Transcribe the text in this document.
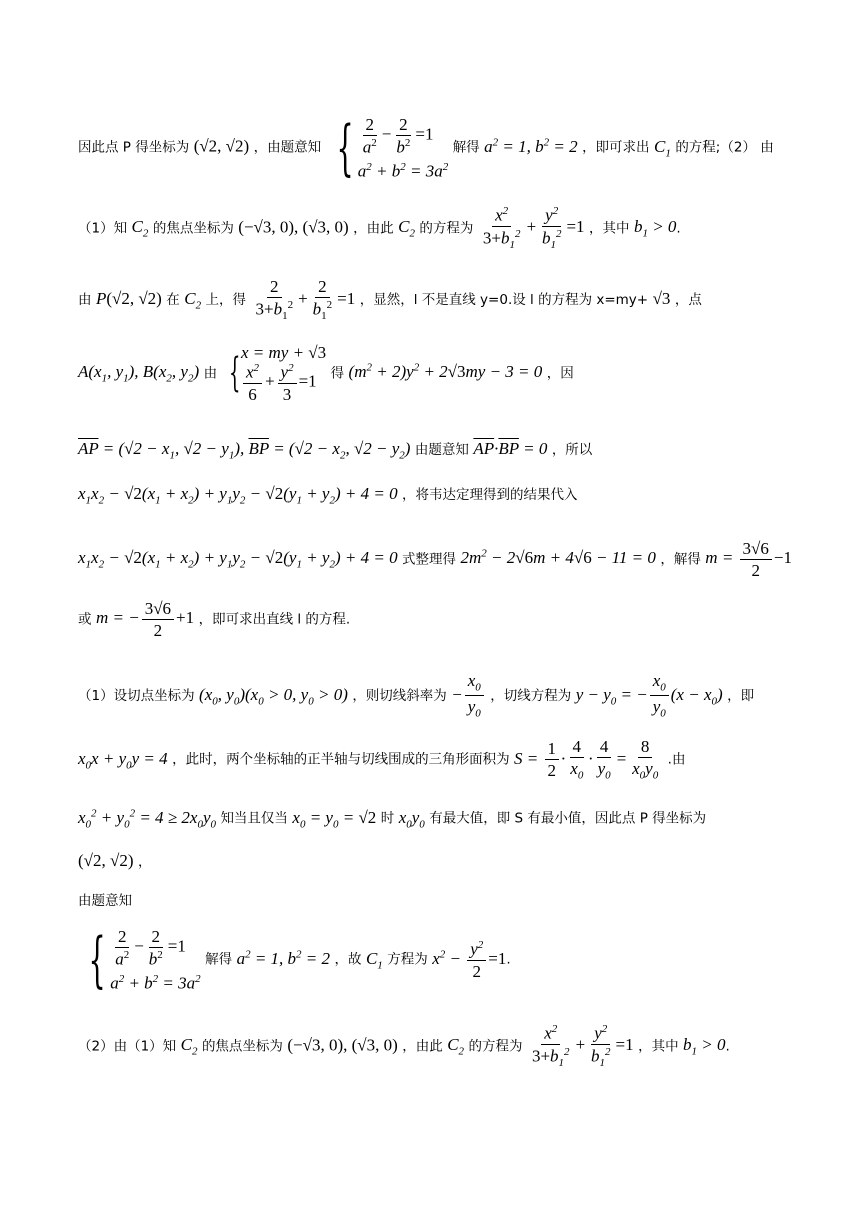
因此点 P 得坐标为 (√2, √2) ，由题意知 { $\frac{2}{a^2} - \frac{2}{b^2} =1$
$a^2 + b^2 = 3a^2$
解得 $a^2 = 1$, $b^2 = 2$ ，即可求出 $C_1$ 的方程;（2） 由
（1）知 $C_2$ 的焦点坐标为 (−√3, 0), (√3, 0) ，由此 $C_2$ 的方程为 $\frac{x^2}{3+b_1^2} + \frac{y^2}{b_1^2} =1$ ，其中 $b_1 > 0$.
由 P(√2, √2) 在 $C_2$ 上，得 $\frac{2}{3+b_1^2} + \frac{2}{b_1^2} =1$ ，显然，l 不是直线 y=0.设 l 的方程为 x=my+ √3 ，点
$A(x_1$, $y_1$), $B(x_2$, $y_2$) 由 { x = my + √3
$\frac{x^2}{6} + \frac{y^2}{3} =1$	得 $(m^2 + 2)y^2 + 2√3my - 3 = 0$ ，因
$\overline{AP} = (√2 - x_1$, $√2 - y_1$), $\overline{BP} = (√2 - x_2$, $√2 - y_2$) 由题意知 $\overline{AP}\cdot\overline{BP} = 0$ ，所以
$x_1x_2 - √2(x_1 + x_2) + y_1y_2 - √2(y_1 + y_2) + 4 = 0$ ，将韦达定理得到的结果代入
$x_1x_2 - √2(x_1 + x_2) + y_1y_2 - √2(y_1 + y_2) + 4 = 0$ 式整理得 $2m^2 - 2√6m + 4√6 - 11 = 0$ ，解得 $m = \frac{3√6}{2} -1$
或 m = − $\frac{3√6}{2} +1$ ，即可求出直线 l 的方程.
（1）设切点坐标为 ($x_0$, $y_0)(x_0 > 0$, $y_0 > 0$) ，则切线斜率为 − $\frac{x_0}{y_0}$ ，切线方程为 $y - y_0$ = − $\frac{x_0}{y_0} (x - x_0)$ ，即
$x_0x + y_0y = 4$ ，此时，两个坐标轴的正半轴与切线围成的三角形面积为 $S = \frac{1}{2} \cdot \frac{4}{x_0} \cdot \frac{4}{y_0} = \frac{8}{x_0y_0}$ .由
$x_0^2 + y_0^2 = 4 \ge 2x_0y_0$ 知当且仅当 $x_0 = y_0 = √2$ 时 $x_0y_0$ 有最大值，即 S 有最小值，因此点 P 得坐标为
(√2, √2) ，
由题意知
{ $\frac{2}{a^2} - \frac{2}{b^2} =1$
$a^2 + b^2 = 3a^2$
解得 $a^2 = 1$, $b^2 = 2$ ，故 $C_1$ 方程为 $x^2 - \frac{y^2}{2} =1$.
（2）由（1）知 $C_2$ 的焦点坐标为 (−√3, 0), (√3, 0) ，由此 $C_2$ 的方程为 $\frac{x^2}{3+b_1^2} + \frac{y^2}{b_1^2} =1$ ，其中 $b_1 > 0$.
